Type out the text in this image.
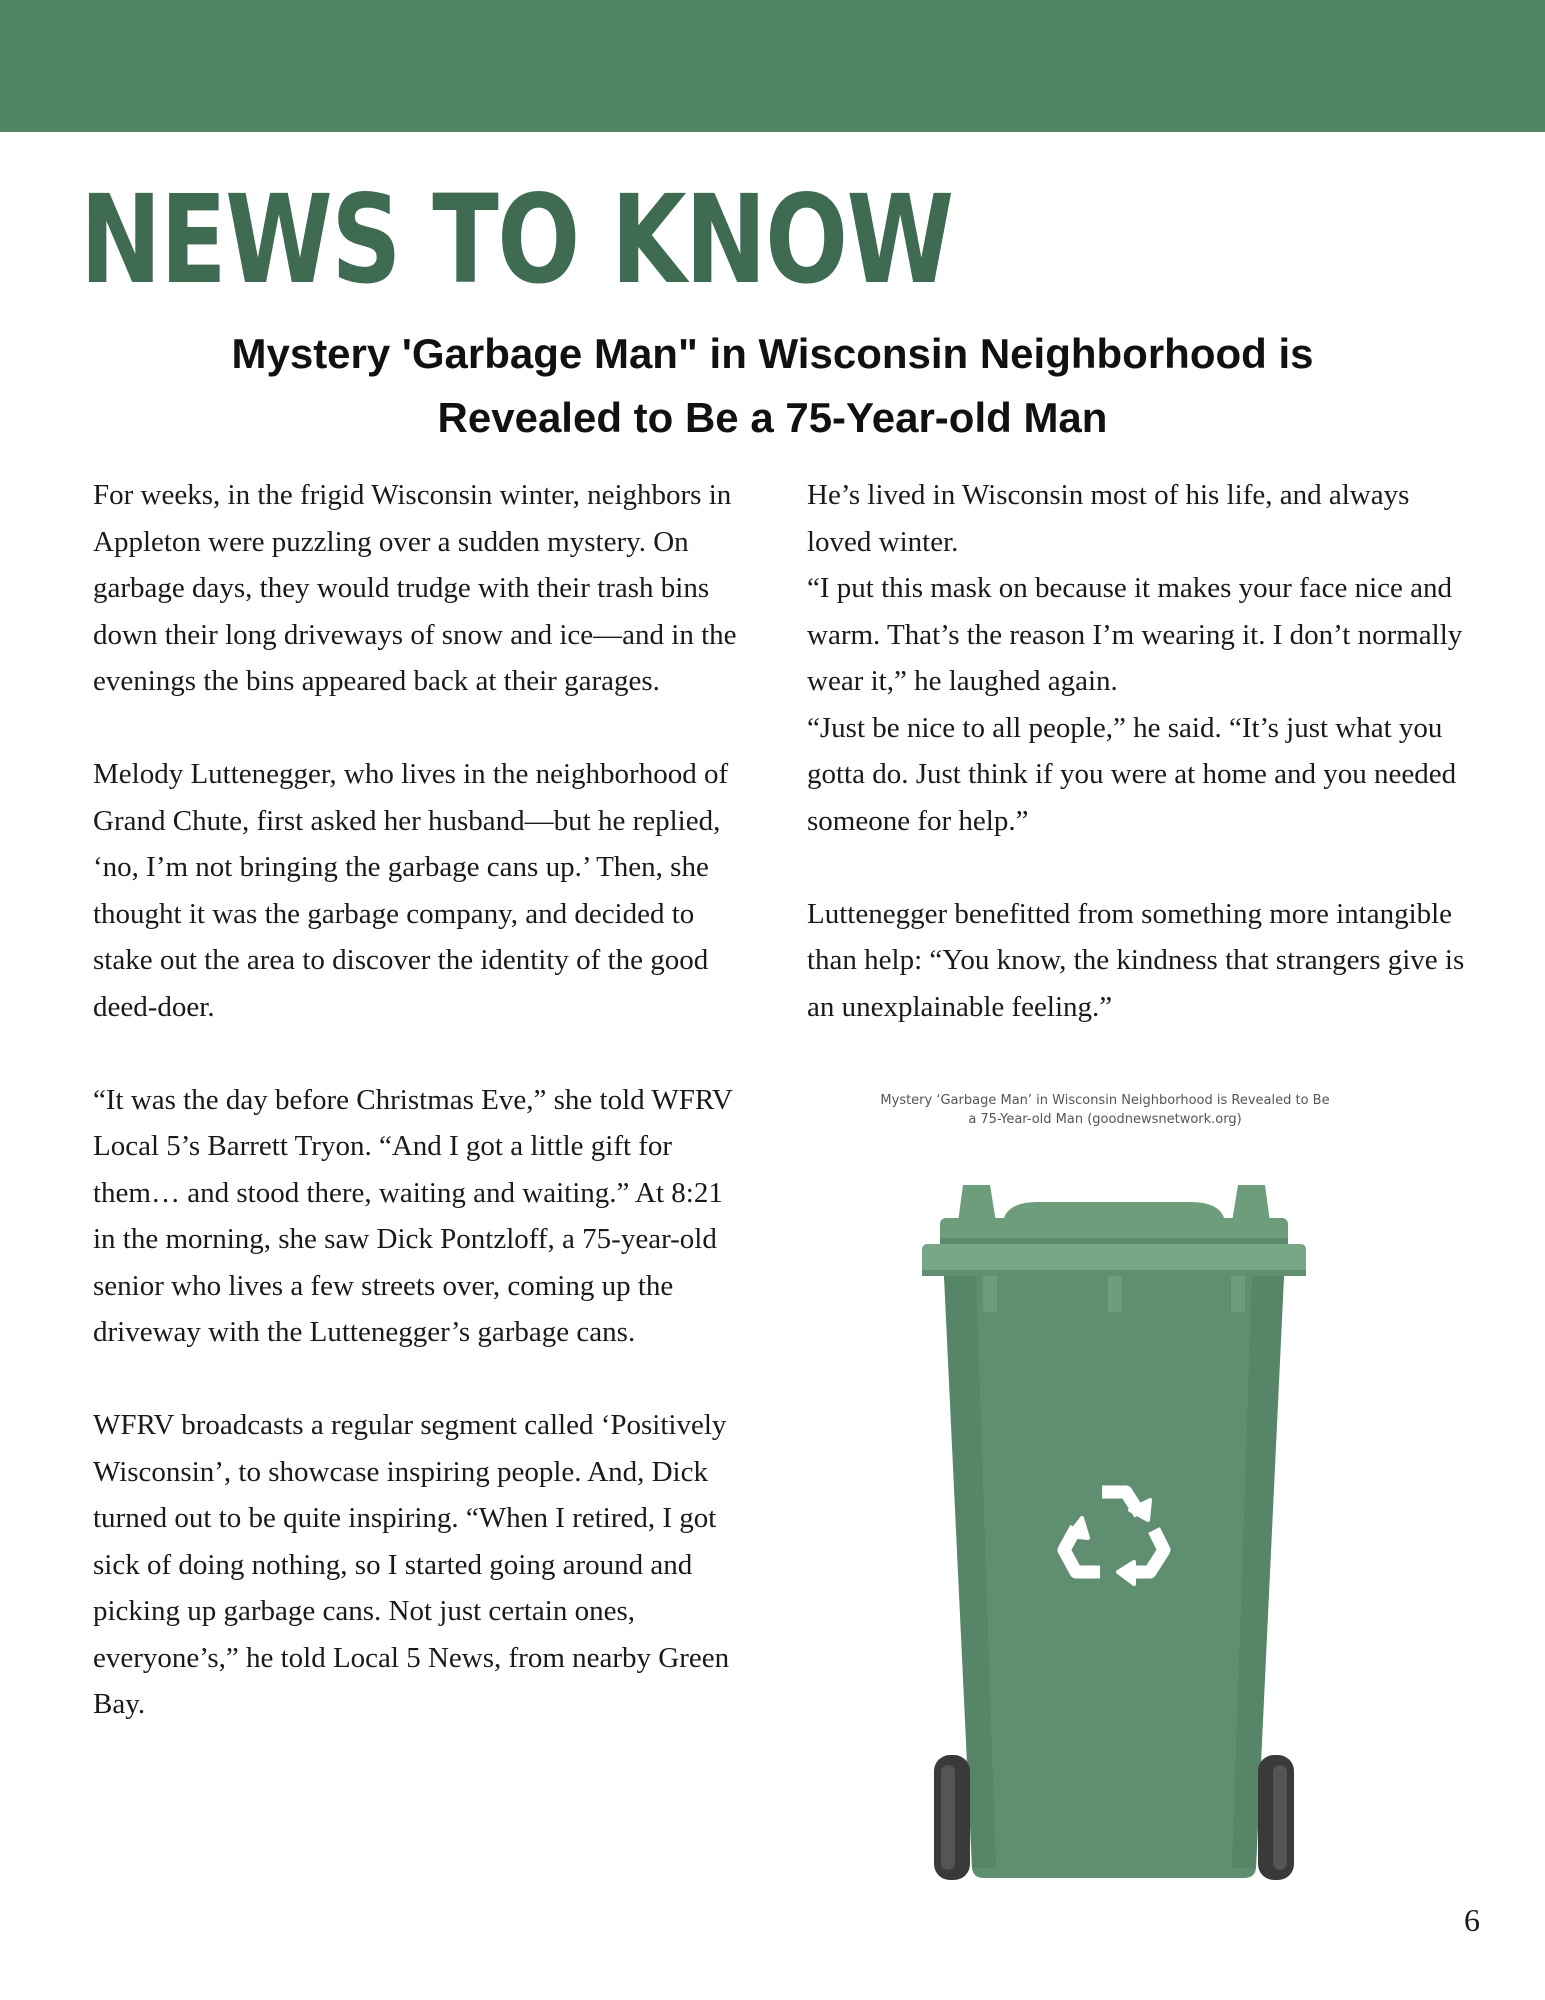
NEWS TO KNOW
Mystery 'Garbage Man" in Wisconsin Neighborhood is
Revealed to Be a 75-Year-old Man

For weeks, in the frigid Wisconsin winter, neighbors in Appleton were puzzling over a sudden mystery. On garbage days, they would trudge with their trash bins down their long driveways of snow and ice—and in the evenings the bins appeared back at their garages.

Melody Luttenegger, who lives in the neighborhood of Grand Chute, first asked her husband—but he replied, ‘no, I’m not bringing the garbage cans up.’ Then, she thought it was the garbage company, and decided to stake out the area to discover the identity of the good deed-doer.

“It was the day before Christmas Eve,” she told WFRV Local 5’s Barrett Tryon. “And I got a little gift for them… and stood there, waiting and waiting.” At 8:21 in the morning, she saw Dick Pontzloff, a 75-year-old senior who lives a few streets over, coming up the driveway with the Luttenegger’s garbage cans.

WFRV broadcasts a regular segment called ‘Positively Wisconsin’, to showcase inspiring people. And, Dick turned out to be quite inspiring. “When I retired, I got sick of doing nothing, so I started going around and picking up garbage cans. Not just certain ones, everyone’s,” he told Local 5 News, from nearby Green Bay.

He’s lived in Wisconsin most of his life, and always loved winter.

“I put this mask on because it makes your face nice and warm. That’s the reason I’m wearing it. I don’t normally wear it,” he laughed again.

“Just be nice to all people,” he said. “It’s just what you gotta do. Just think if you were at home and you needed someone for help.”

Luttenegger benefitted from something more intangible than help: “You know, the kindness that strangers give is an unexplainable feeling.”

Mystery ‘Garbage Man’ in Wisconsin Neighborhood is Revealed to Be a 75-Year-old Man (goodnewsnetwork.org)
6
